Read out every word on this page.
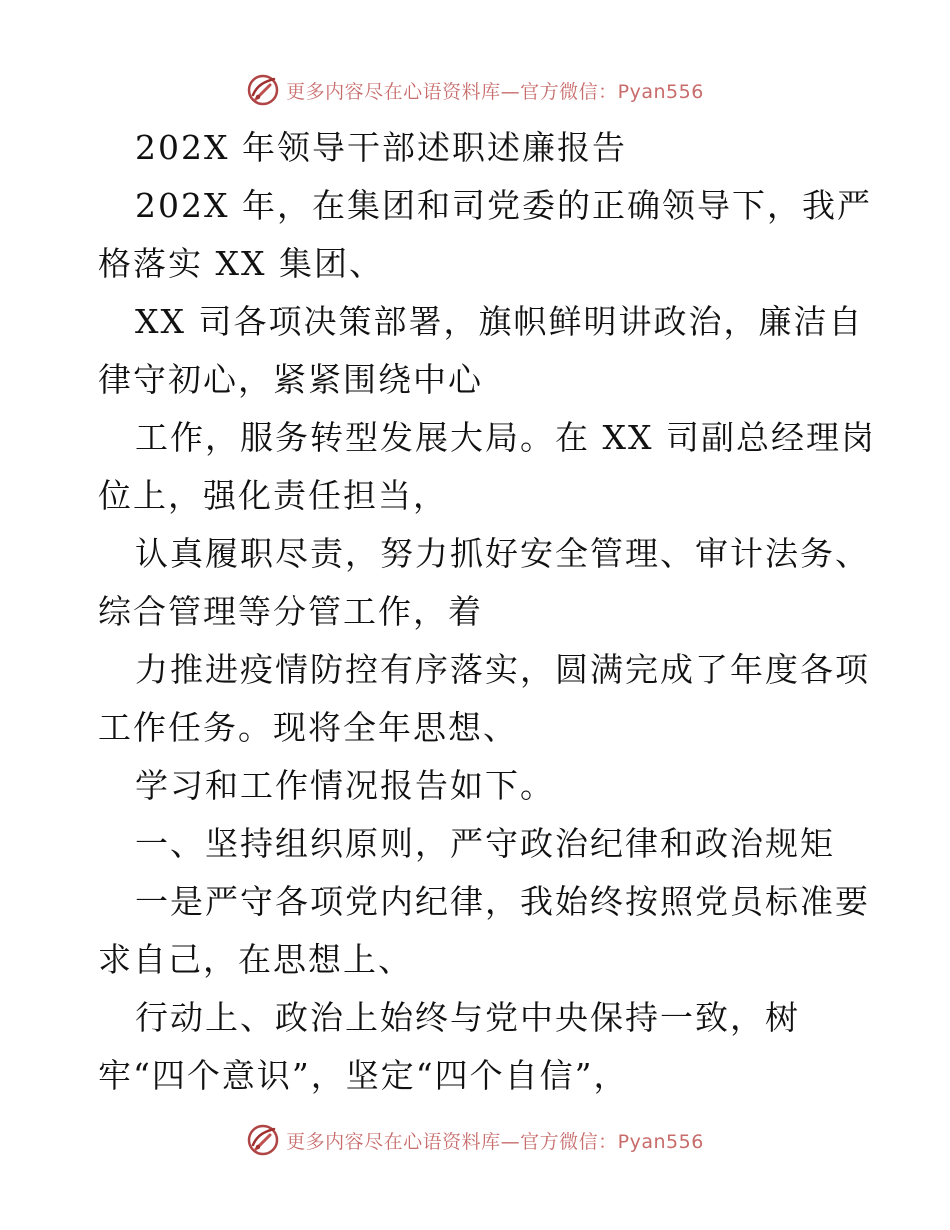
更多内容尽在心语资料库—官方微信：Pyan556
202X 年领导干部述职述廉报告
202X 年，在集团和司党委的正确领导下，我严
格落实 XX 集团、
XX 司各项决策部署，旗帜鲜明讲政治，廉洁自
律守初心，紧紧围绕中心
工作，服务转型发展大局。在 XX 司副总经理岗
位上，强化责任担当，
认真履职尽责，努力抓好安全管理、审计法务、
综合管理等分管工作，着
力推进疫情防控有序落实，圆满完成了年度各项
工作任务。现将全年思想、
学习和工作情况报告如下。
一、坚持组织原则，严守政治纪律和政治规矩
一是严守各项党内纪律，我始终按照党员标准要
求自己，在思想上、
行动上、政治上始终与党中央保持一致，树
牢“四个意识”，坚定“四个自信”，
更多内容尽在心语资料库—官方微信：Pyan556
